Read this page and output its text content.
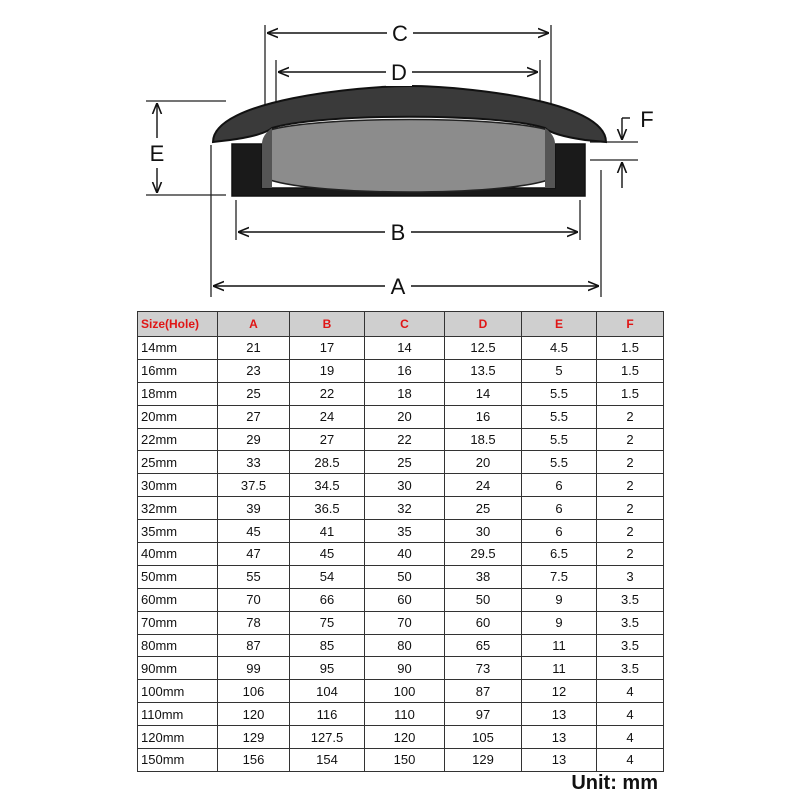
C
D
B
A
E
F
Size(Hole)	A	B	C	D	E	F
14mm	21	17	14	12.5	4.5	1.5
16mm	23	19	16	13.5	5	1.5
18mm	25	22	18	14	5.5	1.5
20mm	27	24	20	16	5.5	2
22mm	29	27	22	18.5	5.5	2
25mm	33	28.5	25	20	5.5	2
30mm	37.5	34.5	30	24	6	2
32mm	39	36.5	32	25	6	2
35mm	45	41	35	30	6	2
40mm	47	45	40	29.5	6.5	2
50mm	55	54	50	38	7.5	3
60mm	70	66	60	50	9	3.5
70mm	78	75	70	60	9	3.5
80mm	87	85	80	65	11	3.5
90mm	99	95	90	73	11	3.5
100mm	106	104	100	87	12	4
110mm	120	116	110	97	13	4
120mm	129	127.5	120	105	13	4
150mm	156	154	150	129	13	4
Unit: mm
